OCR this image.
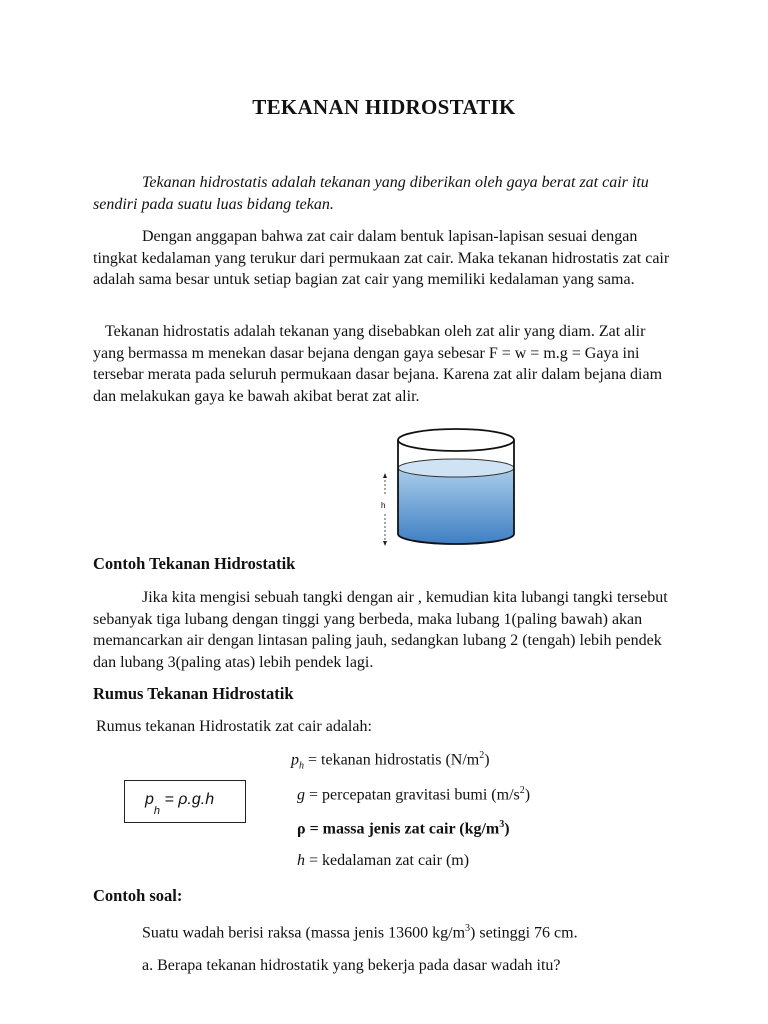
TEKANAN HIDROSTATIK
Tekanan hidrostatis adalah tekanan yang diberikan oleh gaya berat zat cair itu sendiri pada suatu luas bidang tekan.
Dengan anggapan bahwa zat cair dalam bentuk lapisan-lapisan sesuai dengan tingkat kedalaman yang terukur dari permukaan zat cair. Maka tekanan hidrostatis zat cair adalah sama besar untuk setiap bagian zat cair yang memiliki kedalaman yang sama.
Tekanan hidrostatis adalah tekanan yang disebabkan oleh zat alir yang diam. Zat alir yang bermassa m menekan dasar bejana dengan gaya sebesar F = w = m.g = Gaya ini tersebar merata pada seluruh permukaan dasar bejana. Karena zat alir dalam bejana diam dan melakukan gaya ke bawah akibat berat zat alir.
h
Contoh Tekanan Hidrostatik
Jika kita mengisi sebuah tangki dengan air , kemudian kita lubangi tangki tersebut sebanyak tiga lubang dengan tinggi yang berbeda, maka lubang 1(paling bawah) akan memancarkan air dengan lintasan paling jauh, sedangkan lubang 2 (tengah) lebih pendek dan lubang 3(paling atas) lebih pendek lagi.
Rumus Tekanan Hidrostatik
Rumus tekanan Hidrostatik zat cair adalah:
$p_h$ = tekanan hidrostatis $(N/m^2)$
g = percepatan gravitasi bumi $(m/s^2)$
ρ = massa jenis zat cair $(kg/m^3)$
h = kedalaman zat cair (m)
$p_h = \rho.g.h$
Contoh soal:
Suatu wadah berisi raksa (massa jenis 13600 $kg/m^3$) setinggi 76 cm.
a. Berapa tekanan hidrostatik yang bekerja pada dasar wadah itu?
